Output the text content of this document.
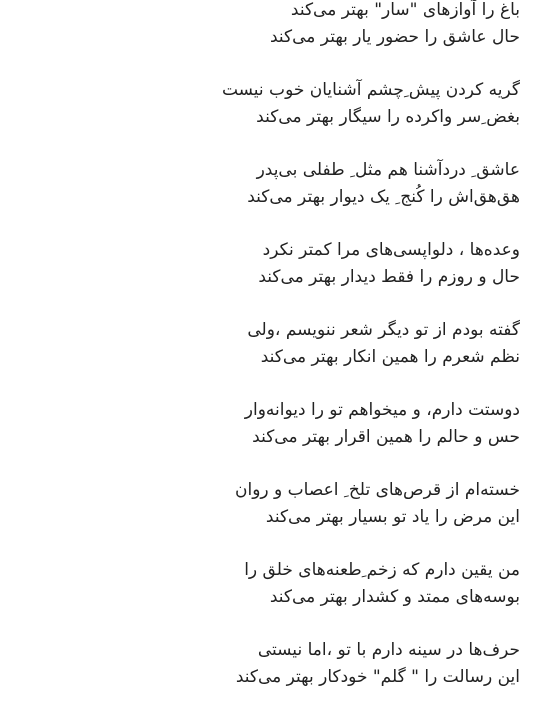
باغ را آوازهای "سار" بهتر می‌کند
حال عاشق را حضور یار بهتر می‌کند
گریه کردن پیش ِچشم آشنایان خوب نیست
بغض ِسر واکرده را سیگار بهتر می‌کند
عاشق ِ دردآشنا هم مثل ِ طفلی بی‌پدر
هق‌هق‌اش را کُنج ِ یک دیوار بهتر می‌کند
وعده‌ها ، دلواپسی‌های مرا کمتر نکرد
حال و روزم را فقط دیدار بهتر می‌کند
گفته بودم از تو دیگر شعر ننویسم ،ولی
نظم شعرم را همین انکار بهتر می‌کند
دوستت دارم، و میخواهم تو را دیوانه‌وار
حس و حالم را همین اقرار بهتر می‌کند
خسته‌ام از قرص‌های تلخ ِ اعصاب و روان
این مرض را یاد تو بسیار بهتر می‌کند
من یقین دارم که زخم ِطعنه‌های خلق را
بوسه‌های ممتد و کشدار بهتر می‌کند
حرف‌ها در سینه دارم با تو ،اما نیستی
این رسالت را " گلم" خودکار بهتر می‌کند
